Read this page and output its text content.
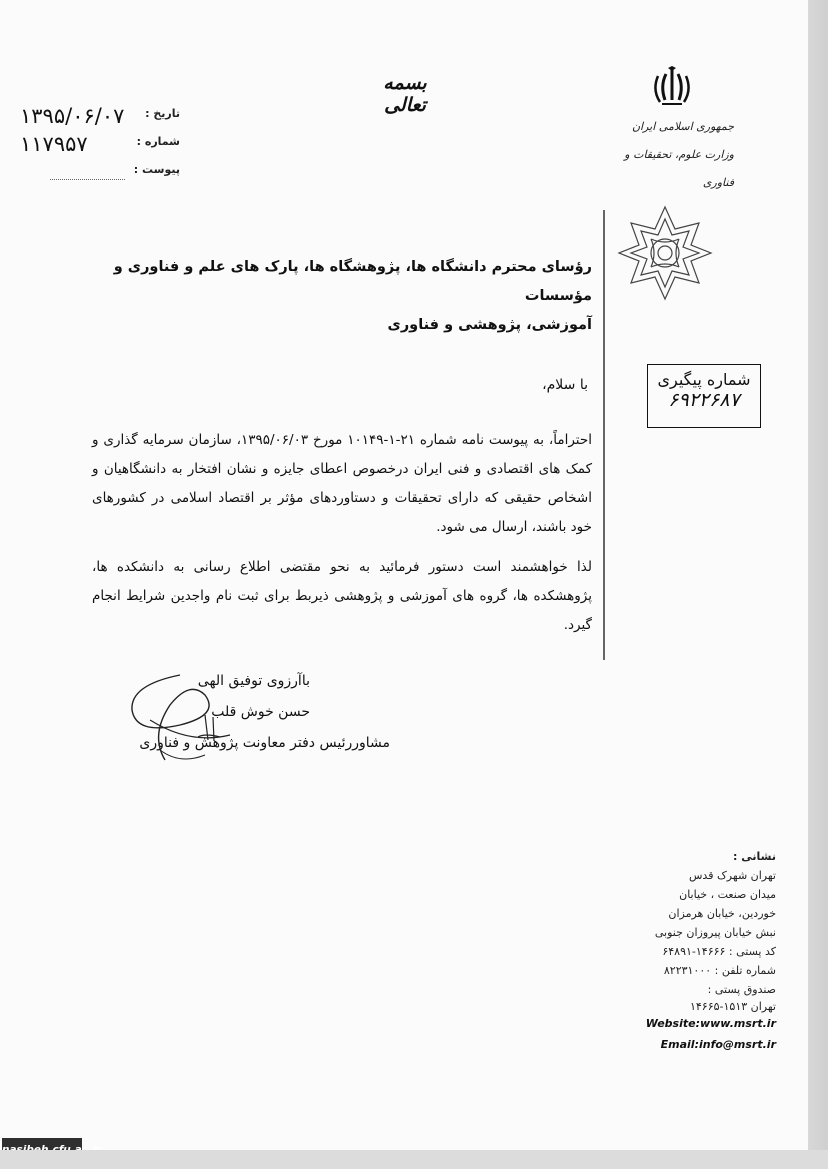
بسمه تعالی
۱۳۹۵/۰۶/۰۷ تاریخ :
۱۱۷۹۵۷	شماره :
پیوست :
جمهوری اسلامی ایران
وزارت علوم، تحقیقات و فناوری
رؤسای محترم دانشگاه ها، پژوهشگاه ها، پارک های علم و فناوری و مؤسسات
آموزشی، پژوهشی و فناوری
با سلام،
احتراماً، به پیوست نامه شماره ۲۱-۱-۱۰۱۴۹ مورخ ۱۳۹۵/۰۶/۰۳، سازمان سرمایه گذاری و کمک های اقتصادی و فنی ایران درخصوص اعطای جایزه و نشان افتخار به دانشگاهیان و اشخاص حقیقی که دارای تحقیقات و دستاوردهای مؤثر بر اقتصاد اسلامی در کشورهای خود باشند، ارسال می شود.
لذا خواهشمند است دستور فرمائید به نحو مقتضی اطلاع رسانی به دانشکده ها، پژوهشکده ها، گروه های آموزشی و پژوهشی ذیربط برای ثبت نام واجدین شرایط انجام گیرد.
باآرزوی توفیق الهی
حسن خوش قلب
مشاوررئیس دفتر معاونت پژوهش و فناوری
شماره پیگیری
۶۹۲۲۶۸۷
نشانی :
تهران شهرک قدس
میدان صنعت ، خیابان
خوردین، خیابان هرمزان
نبش خیابان پیروزان جنوبی
کد پستی : ۱۴۶۶۶-۶۴۸۹۱
شماره تلفن : ۸۲۲۳۱۰۰۰
صندوق پستی :
تهران ۱۵۱۳-۱۴۶۶۵
Website:www.msrt.ir
Email:info@msrt.ir
